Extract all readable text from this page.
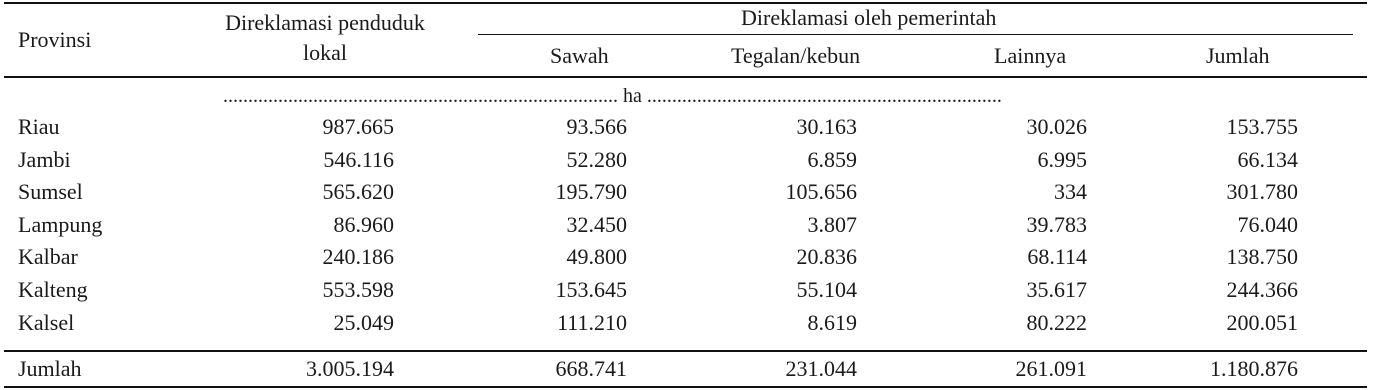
Provinsi
Direklamasi penduduk
lokal
Direklamasi oleh pemerintah
Sawah	Tegalan/kebun	Lainnya	Jumlah
............................................................................... ha .......................................................................
Riau	987.665	93.566	30.163	30.026	153.755
Jambi	546.116	52.280	6.859	6.995	66.134
Sumsel	565.620	195.790	105.656	334	301.780
Lampung	86.960	32.450	3.807	39.783	76.040
Kalbar	240.186	49.800	20.836	68.114	138.750
Kalteng	553.598	153.645	55.104	35.617	244.366
Kalsel	25.049	111.210	8.619	80.222	200.051
Jumlah	3.005.194	668.741	231.044	261.091	1.180.876
